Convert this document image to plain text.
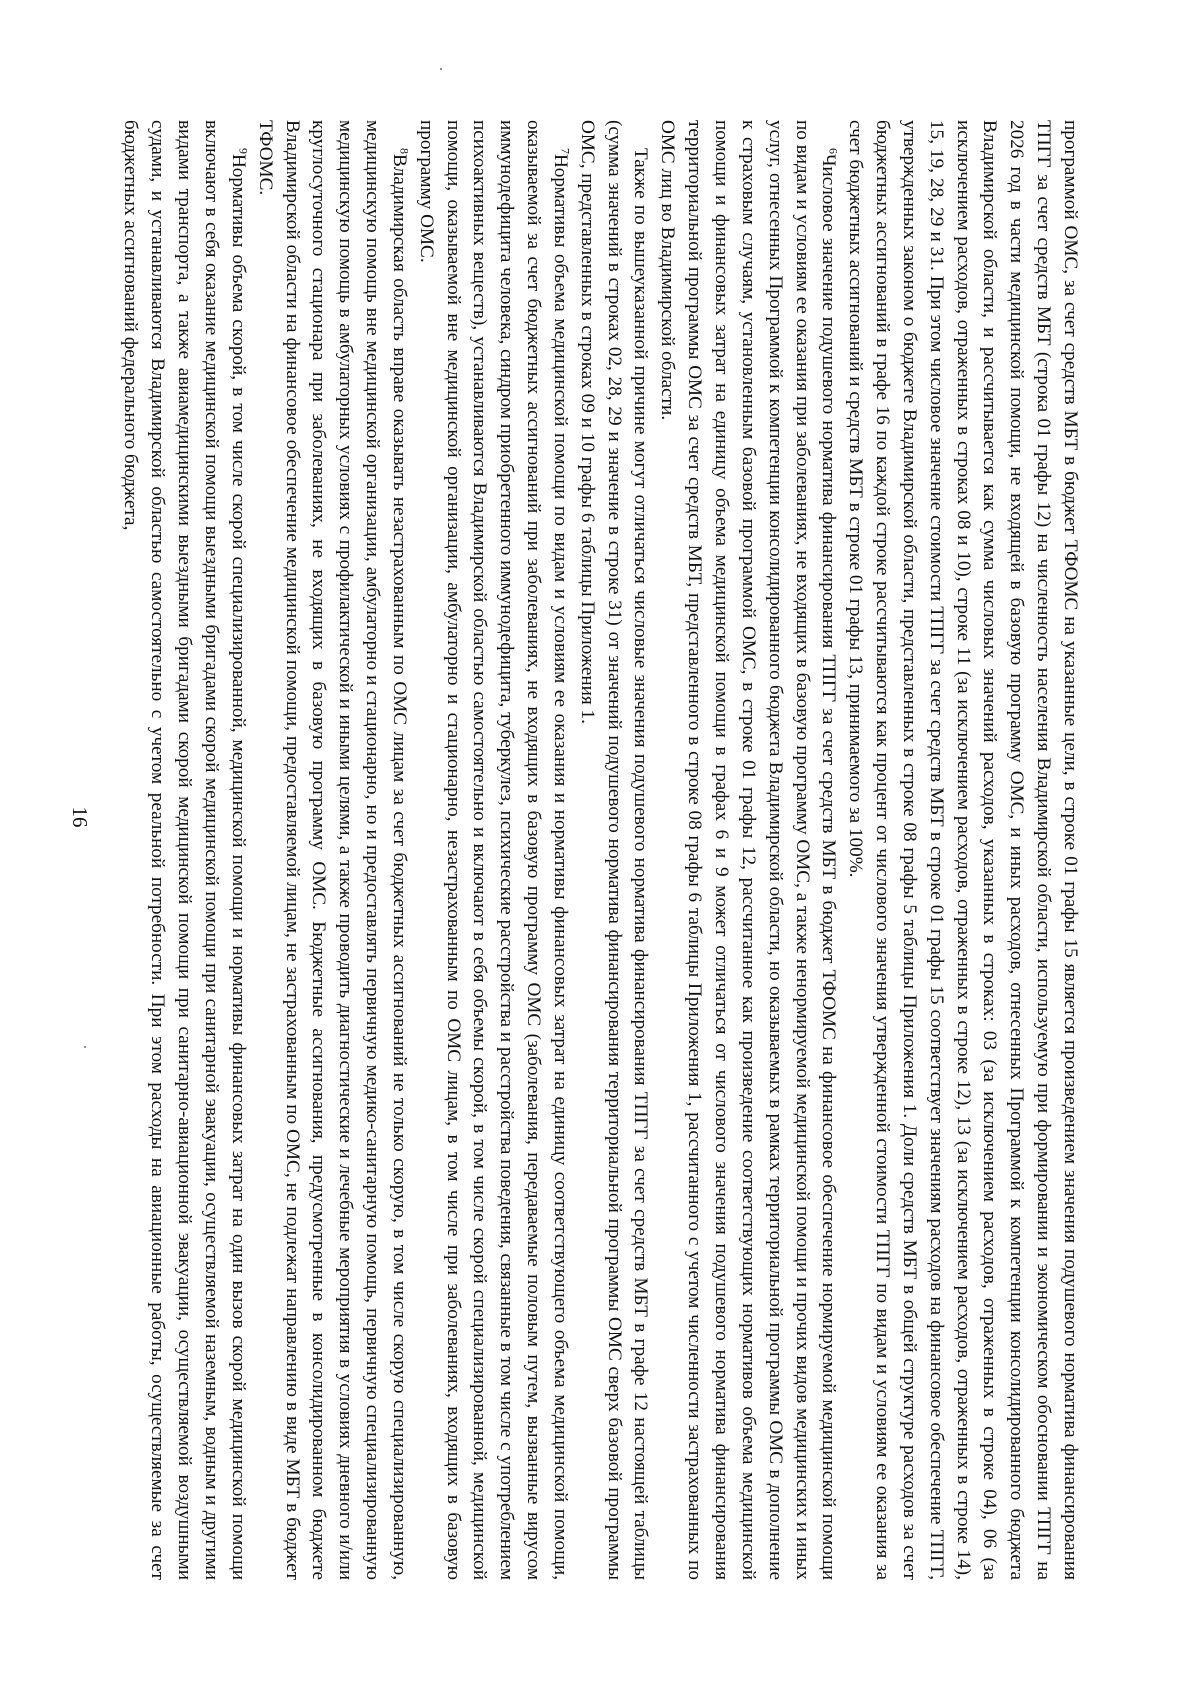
16	программой ОМС, за счет средств МБТ в бюджет ТФОМС на указанные цели, в строке 01 графы 15 является произведением значения подушевого норматива финансирования ТПГГ за счет средств МБТ (строка 01 графы 12) на численность населения Владимирской области, используемую при формировании и экономическом обосновании ТПГГ на 2026 год в части медицинской помощи, не входящей в базовую программу ОМС, и иных расходов, отнесенных Программой к компетенции консолидированного бюджета Владимирской области, и рассчитывается как сумма числовых значений расходов, указанных в строках: 03 (за исключением расходов, отраженных в строке 04), 06 (за исключением расходов, отраженных в строках 08 и 10), строке 11 (за исключением расходов, отраженных в строке 12), 13 (за исключением расходов, отраженных в строке 14), 15, 19, 28, 29 и 31. При этом числовое значение стоимости ТПГГ за счет средств МБТ в строке 01 графы 15 соответствует значениям расходов на финансовое обеспечение ТПГГ, утвержденных законом о бюджете Владимирской области, представленных в строке 08 графы 5 таблицы Приложения 1. Доли средств МБТ в общей структуре расходов за счет бюджетных ассигнований в графе 16 по каждой строке рассчитываются как процент от числового значения утвержденной стоимости ТПГГ по видам и условиям ее оказания за счет бюджетных ассигнований и средств МБТ в строке 01 графы 13, принимаемого за 100%.

$^6$Числовое значение подушевого норматива финансирования ТПГГ за счет средств МБТ в бюджет ТФОМС на финансовое обеспечение нормируемой медицинской помощи по видам и условиям ее оказания при заболеваниях, не входящих в базовую программу ОМС, а также ненормируемой медицинской помощи и прочих видов медицинских и иных услуг, отнесенных Программой к компетенции консолидированного бюджета Владимирской области, но оказываемых в рамках территориальной программы ОМС в дополнение к страховым случаям, установленным базовой программой ОМС, в строке 01 графы 12, рассчитанное как произведение соответствующих нормативов объема медицинской помощи и финансовых затрат на единицу объема медицинской помощи в графах 6 и 9 может отличаться от числового значения подушевого норматива финансирования территориальной программы ОМС за счет средств МБТ, представленного в строке 08 графы 6 таблицы Приложения 1, рассчитанного с учетом численности застрахованных по ОМС лиц во Владимирской области.

Также по вышеуказанной причине могут отличаться числовые значения подушевого норматива финансирования ТПГГ за счет средств МБТ в графе 12 настоящей таблицы (сумма значений в строках 02, 28, 29 и значение в строке 31) от значений подушевого норматива финансирования территориальной программы ОМС сверх базовой программы ОМС, представленных в строках 09 и 10 графы 6 таблицы Приложения 1.

$^7$Нормативы объема медицинской помощи по видам и условиям ее оказания и нормативы финансовых затрат на единицу соответствующего объема медицинской помощи, оказываемой за счет бюджетных ассигнований при заболеваниях, не входящих в базовую программу ОМС (заболевания, передаваемые половым путем, вызванные вирусом иммунодефицита человека, синдром приобретенного иммунодефицита, туберкулез, психические расстройства и расстройства поведения, связанные в том числе с употреблением психоактивных веществ), устанавливаются Владимирской областью самостоятельно и включают в себя объемы скорой, в том числе скорой специализированной, медицинской помощи, оказываемой вне медицинской организации, амбулаторно и стационарно, незастрахованным по ОМС лицам, в том числе при заболеваниях, входящих в базовую программу ОМС.

$^8$Владимирская область вправе оказывать незастрахованным по ОМС лицам за счет бюджетных ассигнований не только скорую, в том числе скорую специализированную, медицинскую помощь вне медицинской организации, амбулаторно и стационарно, но и предоставлять первичную медико-санитарную помощь, первичную специализированную медицинскую помощь в амбулаторных условиях с профилактической и иными целями, а также проводить диагностические и лечебные мероприятия в условиях дневного и/или круглосуточного стационара при заболеваниях, не входящих в базовую программу ОМС. Бюджетные ассигнования, предусмотренные в консолидированном бюджете Владимирской области на финансовое обеспечение медицинской помощи, предоставляемой лицам, не застрахованным по ОМС, не подлежат направлению в виде МБТ в бюджет ТФОМС.

$^9$Нормативы объема скорой, в том числе скорой специализированной, медицинской помощи и нормативы финансовых затрат на один вызов скорой медицинской помощи включают в себя оказание медицинской помощи выездными бригадами скорой медицинской помощи при санитарной эвакуации, осуществляемой наземным, водным и другими видами транспорта, а также авиамедицинскими выездными бригадами скорой медицинской помощи при санитарно-авиационной эвакуации, осуществляемой воздушными судами, и устанавливаются Владимирской областью самостоятельно с учетом реальной потребности. При этом расходы на авиационные работы, осуществляемые за счет бюджетных ассигнований федерального бюджета,
